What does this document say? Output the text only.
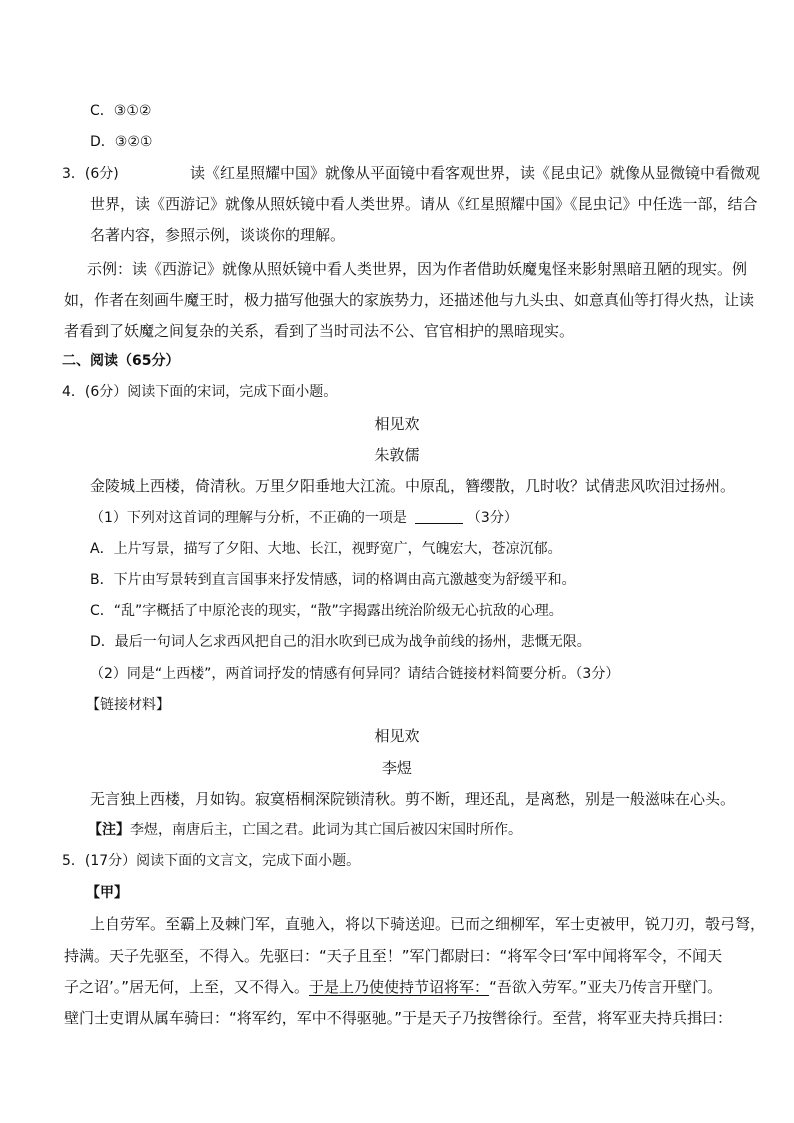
C．③①②
D．③②①
3．(6分)	读《红星照耀中国》就像从平面镜中看客观世界，读《昆虫记》就像从显微镜中看微观
世界，读《西游记》就像从照妖镜中看人类世界。请从《红星照耀中国》《昆虫记》中任选一部，结合
名著内容，参照示例，谈谈你的理解。
示例：读《西游记》就像从照妖镜中看人类世界，因为作者借助妖魔鬼怪来影射黑暗丑陋的现实。例
如，作者在刻画牛魔王时，极力描写他强大的家族势力，还描述他与九头虫、如意真仙等打得火热，让读
者看到了妖魔之间复杂的关系，看到了当时司法不公、官官相护的黑暗现实。
二、阅读（65分）
4．(6分）阅读下面的宋词，完成下面小题。
相见欢
朱敦儒
金陵城上西楼，倚清秋。万里夕阳垂地大江流。中原乱，簪缨散，几时收？试倩悲风吹泪过扬州。
（1）下列对这首词的理解与分析，不正确的一项是	（3分）
A．上片写景，描写了夕阳、大地、长江，视野宽广，气魄宏大，苍凉沉郁。
B．下片由写景转到直言国事来抒发情感，词的格调由高亢激越变为舒缓平和。
C．“乱”字概括了中原沦丧的现实，“散”字揭露出统治阶级无心抗敌的心理。
D．最后一句词人乞求西风把自己的泪水吹到已成为战争前线的扬州，悲慨无限。
（2）同是“上西楼”，两首词抒发的情感有何异同？请结合链接材料简要分析。（3分）
【链接材料】
相见欢
李煜
无言独上西楼，月如钩。寂寞梧桐深院锁清秋。剪不断，理还乱，是离愁，别是一般滋味在心头。
【注】李煜，南唐后主，亡国之君。此词为其亡国后被囚宋国时所作。
5．(17分）阅读下面的文言文，完成下面小题。
【甲】
上自劳军。至霸上及棘门军，直驰入，将以下骑送迎。已而之细柳军，军士吏被甲，锐刀刃，彀弓弩，
持满。天子先驱至，不得入。先驱曰：“天子且至！”军门都尉曰：“将军令曰‘军中闻将军令，不闻天
子之诏’。”居无何，上至，又不得入。于是上乃使使持节诏将军：“吾欲入劳军。”亚夫乃传言开壁门。
壁门士吏谓从属车骑曰：“将军约，军中不得驱驰。”于是天子乃按辔徐行。至营，将军亚夫持兵揖曰：
